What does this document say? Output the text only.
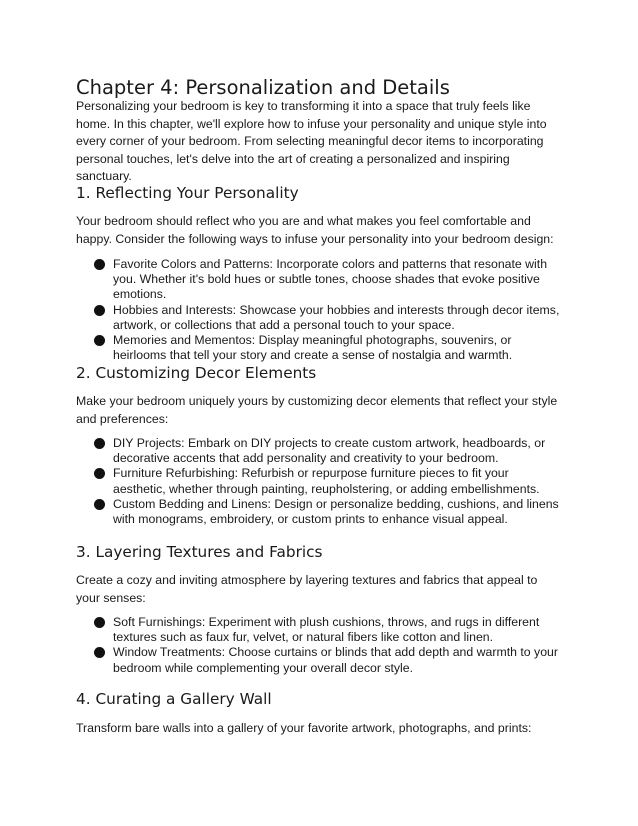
Chapter 4: Personalization and Details

Personalizing your bedroom is key to transforming it into a space that truly feels like home. In this chapter, we'll explore how to infuse your personality and unique style into every corner of your bedroom. From selecting meaningful decor items to incorporating personal touches, let's delve into the art of creating a personalized and inspiring sanctuary.

1. Reflecting Your Personality

Your bedroom should reflect who you are and what makes you feel comfortable and happy. Consider the following ways to infuse your personality into your bedroom design:

Favorite Colors and Patterns: Incorporate colors and patterns that resonate with you. Whether it's bold hues or subtle tones, choose shades that evoke positive emotions.
Hobbies and Interests: Showcase your hobbies and interests through decor items, artwork, or collections that add a personal touch to your space.
Memories and Mementos: Display meaningful photographs, souvenirs, or heirlooms that tell your story and create a sense of nostalgia and warmth.
2. Customizing Decor Elements

Make your bedroom uniquely yours by customizing decor elements that reflect your style and preferences:

DIY Projects: Embark on DIY projects to create custom artwork, headboards, or decorative accents that add personality and creativity to your bedroom.
Furniture Refurbishing: Refurbish or repurpose furniture pieces to fit your aesthetic, whether through painting, reupholstering, or adding embellishments.
Custom Bedding and Linens: Design or personalize bedding, cushions, and linens with monograms, embroidery, or custom prints to enhance visual appeal.
3. Layering Textures and Fabrics

Create a cozy and inviting atmosphere by layering textures and fabrics that appeal to your senses:

Soft Furnishings: Experiment with plush cushions, throws, and rugs in different textures such as faux fur, velvet, or natural fibers like cotton and linen.
Window Treatments: Choose curtains or blinds that add depth and warmth to your bedroom while complementing your overall decor style.
4. Curating a Gallery Wall

Transform bare walls into a gallery of your favorite artwork, photographs, and prints:
